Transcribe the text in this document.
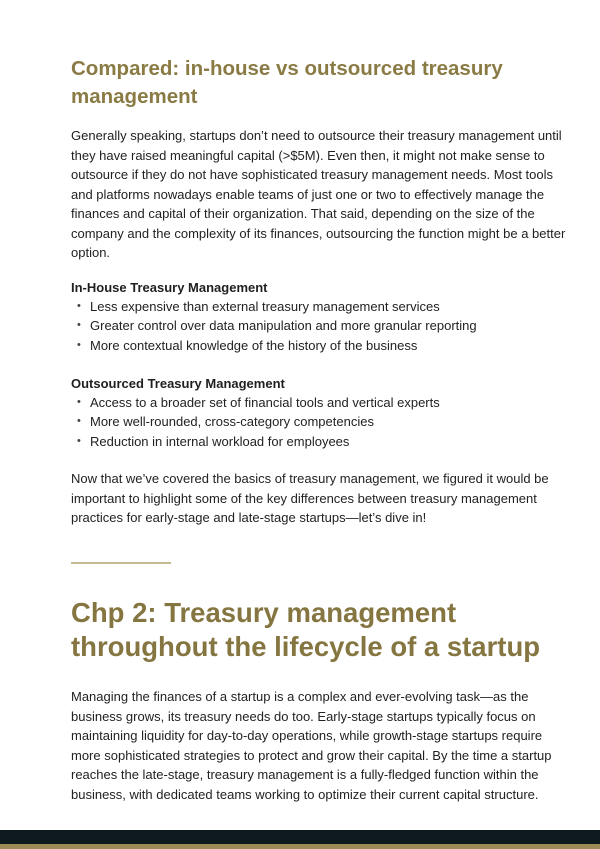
Compared: in-house vs outsourced treasury management

Generally speaking, startups don’t need to outsource their treasury management until they have raised meaningful capital (>$5M). Even then, it might not make sense to outsource if they do not have sophisticated treasury management needs. Most tools and platforms nowadays enable teams of just one or two to effectively manage the finances and capital of their organization. That said, depending on the size of the company and the complexity of its finances, outsourcing the function might be a better option.

In-House Treasury Management
• Less expensive than external treasury management services
• Greater control over data manipulation and more granular reporting
• More contextual knowledge of the history of the business
Outsourced Treasury Management
• Access to a broader set of financial tools and vertical experts
• More well-rounded, cross-category competencies
• Reduction in internal workload for employees

Now that we’ve covered the basics of treasury management, we figured it would be important to highlight some of the key differences between treasury management practices for early-stage and late-stage startups—let’s dive in!

Chp 2: Treasury management throughout the lifecycle of a startup

Managing the finances of a startup is a complex and ever-evolving task—as the business grows, its treasury needs do too. Early-stage startups typically focus on maintaining liquidity for day-to-day operations, while growth-stage startups require more sophisticated strategies to protect and grow their capital. By the time a startup reaches the late-stage, treasury management is a fully-fledged function within the business, with dedicated teams working to optimize their current capital structure.
